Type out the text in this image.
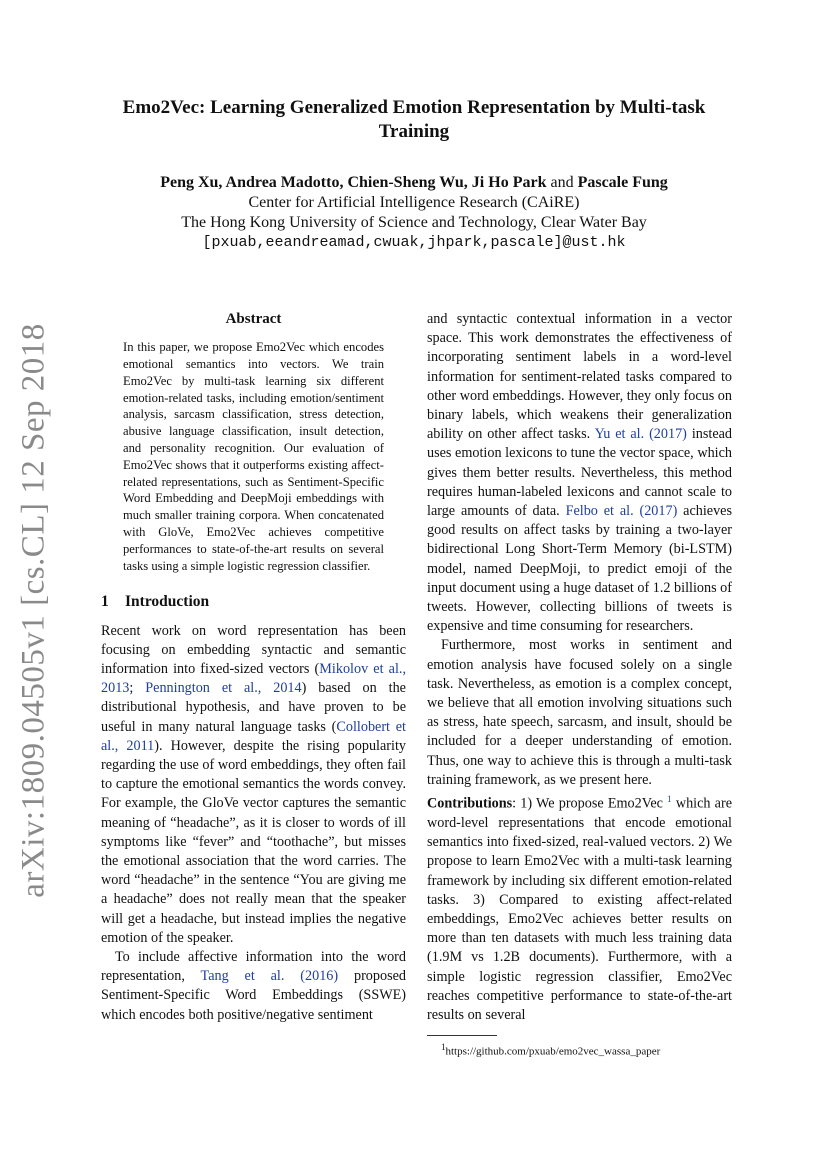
arXiv:1809.04505v1 [cs.CL] 12 Sep 2018
Emo2Vec: Learning Generalized Emotion Representation by Multi-task
Training
Peng Xu, Andrea Madotto, Chien-Sheng Wu, Ji Ho Park and Pascale Fung
Center for Artificial Intelligence Research (CAiRE)
The Hong Kong University of Science and Technology, Clear Water Bay
[pxuab,eeandreamad,cwuak,jhpark,pascale]@ust.hk
Abstract

In this paper, we propose Emo2Vec which encodes emotional semantics into vectors. We train Emo2Vec by multi-task learning six different emotion-related tasks, including emotion/sentiment analysis, sarcasm classification, stress detection, abusive language classification, insult detection, and personality recognition. Our evaluation of Emo2Vec shows that it outperforms existing affect-related representations, such as Sentiment-Specific Word Embedding and DeepMoji embeddings with much smaller training corpora. When concatenated with GloVe, Emo2Vec achieves competitive performances to state-of-the-art results on several tasks using a simple logistic regression classifier.

1 Introduction

Recent work on word representation has been focusing on embedding syntactic and semantic information into fixed-sized vectors (Mikolov et al., 2013; Pennington et al., 2014) based on the distributional hypothesis, and have proven to be useful in many natural language tasks (Collobert et al., 2011). However, despite the rising popularity regarding the use of word embeddings, they often fail to capture the emotional semantics the words convey. For example, the GloVe vector captures the semantic meaning of “headache”, as it is closer to words of ill symptoms like “fever” and “toothache”, but misses the emotional association that the word carries. The word “headache” in the sentence “You are giving me a headache” does not really mean that the speaker will get a headache, but instead implies the negative emotion of the speaker.

To include affective information into the word representation, Tang et al. (2016) proposed Sentiment-Specific Word Embeddings (SSWE) which encodes both positive/negative sentiment

and syntactic contextual information in a vector space. This work demonstrates the effectiveness of incorporating sentiment labels in a word-level information for sentiment-related tasks compared to other word embeddings. However, they only focus on binary labels, which weakens their generalization ability on other affect tasks. Yu et al. (2017) instead uses emotion lexicons to tune the vector space, which gives them better results. Nevertheless, this method requires human-labeled lexicons and cannot scale to large amounts of data. Felbo et al. (2017) achieves good results on affect tasks by training a two-layer bidirectional Long Short-Term Memory (bi-LSTM) model, named DeepMoji, to predict emoji of the input document using a huge dataset of 1.2 billions of tweets. However, collecting billions of tweets is expensive and time consuming for researchers.

Furthermore, most works in sentiment and emotion analysis have focused solely on a single task. Nevertheless, as emotion is a complex concept, we believe that all emotion involving situations such as stress, hate speech, sarcasm, and insult, should be included for a deeper understanding of emotion. Thus, one way to achieve this is through a multi-task training framework, as we present here.

Contributions: 1) We propose Emo2Vec $^1$ which are word-level representations that encode emotional semantics into fixed-sized, real-valued vectors. 2) We propose to learn Emo2Vec with a multi-task learning framework by including six different emotion-related tasks. 3) Compared to existing affect-related embeddings, Emo2Vec achieves better results on more than ten datasets with much less training data (1.9M vs 1.2B documents). Furthermore, with a simple logistic regression classifier, Emo2Vec reaches competitive performance to state-of-the-art results on several

$^1$https://github.com/pxuab/emo2vec_wassa_paper
